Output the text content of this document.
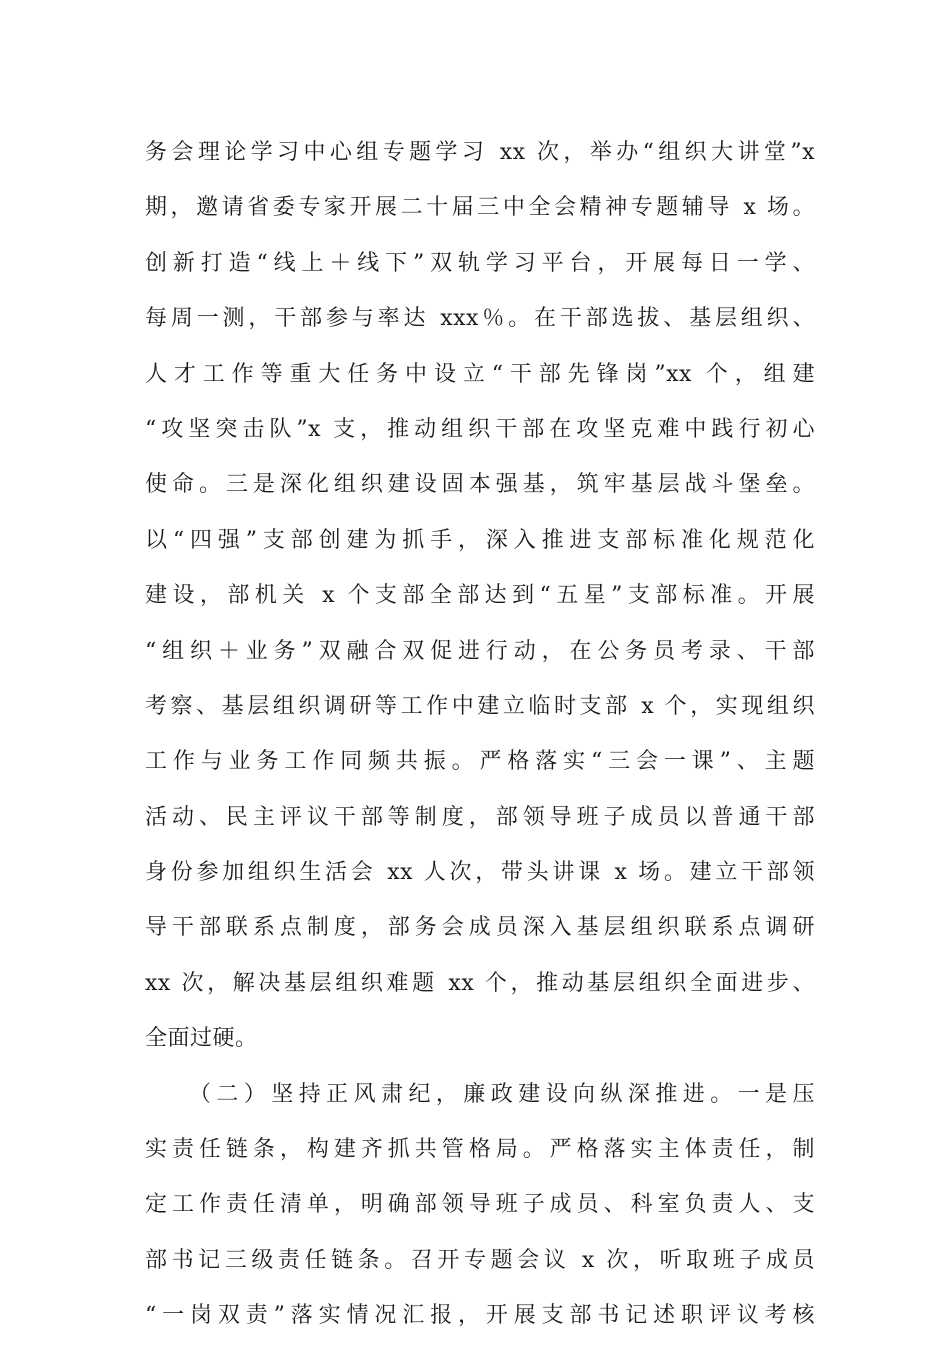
务会理论学习中心组专题学习 xx 次，举办“组织大讲堂”x
期，邀请省委专家开展二十届三中全会精神专题辅导 x 场。
创新打造“线上＋线下”双轨学习平台，开展每日一学、
每周一测，干部参与率达 xxx％。在干部选拔、基层组织、
人才工作等重大任务中设立“干部先锋岗”xx 个，组建
“攻坚突击队”x 支，推动组织干部在攻坚克难中践行初心
使命。三是深化组织建设固本强基，筑牢基层战斗堡垒。
以“四强”支部创建为抓手，深入推进支部标准化规范化
建设，部机关 x 个支部全部达到“五星”支部标准。开展
“组织＋业务”双融合双促进行动，在公务员考录、干部
考察、基层组织调研等工作中建立临时支部 x 个，实现组织
工作与业务工作同频共振。严格落实“三会一课”、主题
活动、民主评议干部等制度，部领导班子成员以普通干部
身份参加组织生活会 xx 人次，带头讲课 x 场。建立干部领
导干部联系点制度，部务会成员深入基层组织联系点调研
xx 次，解决基层组织难题 xx 个，推动基层组织全面进步、
全面过硬。
（二）坚持正风肃纪，廉政建设向纵深推进。一是压
实责任链条，构建齐抓共管格局。严格落实主体责任，制
定工作责任清单，明确部领导班子成员、科室负责人、支
部书记三级责任链条。召开专题会议 x 次，听取班子成员
“一岗双责”落实情况汇报，开展支部书记述职评议考核
